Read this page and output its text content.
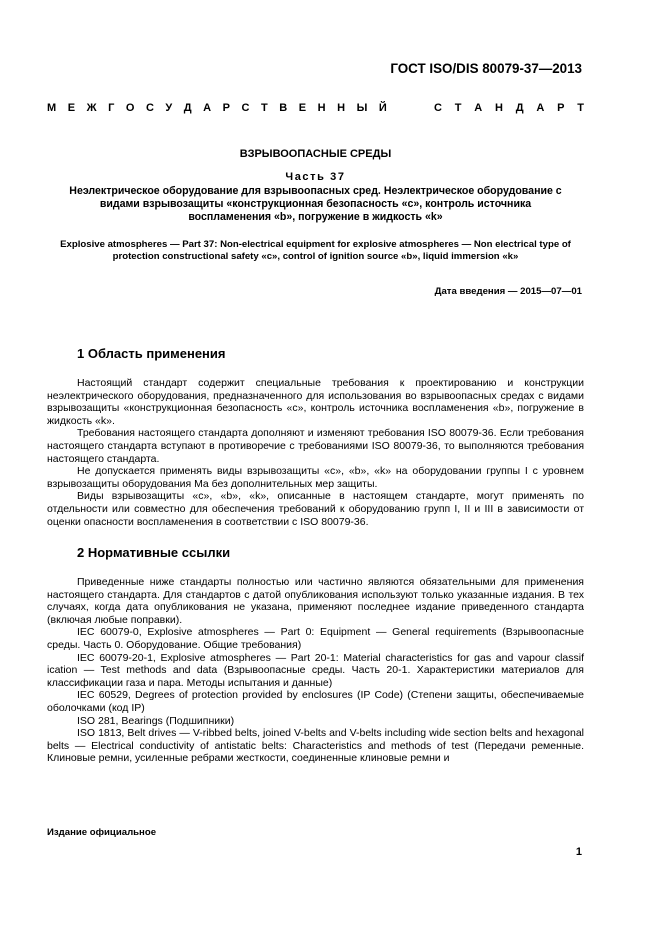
ГОСТ ISO/DIS 80079-37—2013
М Е Ж Г О С У Д А Р С Т В Е Н Н Ы Й	С Т А Н Д А Р Т
ВЗРЫВООПАСНЫЕ СРЕДЫ
Часть 37
Неэлектрическое оборудование для взрывоопасных сред. Неэлектрическое оборудование с
видами взрывозащиты «конструкционная безопасность «с», контроль источника
воспламенения «b», погружение в жидкость «k»
Explosive atmospheres — Part 37: Non-electrical equipment for explosive atmospheres — Non electrical type of
protection constructional safety «c», control of ignition source «b», liquid immersion «k»
Дата введения — 2015—07—01
1 Область применения

Настоящий стандарт содержит специальные требования к проектированию и конструкции неэлектрического оборудования, предназначенного для использования во взрывоопасных средах с видами взрывозащиты «конструкционная безопасность «с», контроль источника воспламенения «b», погружение в жидкость «k».

Требования настоящего стандарта дополняют и изменяют требования ISO 80079-36. Если требования настоящего стандарта вступают в противоречие с требованиями ISO 80079-36, то выполняются требования настоящего стандарта.

Не допускается применять виды взрывозащиты «с», «b», «k» на оборудовании группы I с уровнем взрывозащиты оборудования Ma без дополнительных мер защиты.

Виды взрывозащиты «с», «b», «k», описанные в настоящем стандарте, могут применять по отдельности или совместно для обеспечения требований к оборудованию групп I, II и III в зависимости от оценки опасности воспламенения в соответствии с ISO 80079-36.

2 Нормативные ссылки

Приведенные ниже стандарты полностью или частично являются обязательными для применения настоящего стандарта. Для стандартов с датой опубликования используют только указанные издания. В тех случаях, когда дата опубликования не указана, применяют последнее издание приведенного стандарта (включая любые поправки).

IEC 60079-0, Explosive atmospheres — Part 0: Equipment — General requirements (Взрывоопасные среды. Часть 0. Оборудование. Общие требования)

IEC 60079-20-1, Explosive atmospheres — Part 20-1: Material characteristics for gas and vapour classif ication — Test methods and data (Взрывоопасные среды. Часть 20-1. Характеристики материалов для классификации газа и пара. Методы испытания и данные)

IEC 60529, Degrees of protection provided by enclosures (IP Code) (Степени защиты, обеспечиваемые оболочками (код IP)

ISO 281, Bearings (Подшипники)

ISO 1813, Belt drives — V-ribbed belts, joined V-belts and V-belts including wide section belts and hexagonal belts — Electrical conductivity of antistatic belts: Characteristics and methods of test (Передачи ременные. Клиновые ремни, усиленные ребрами жесткости, соединенные клиновые ремни и

Издание официальное
1
